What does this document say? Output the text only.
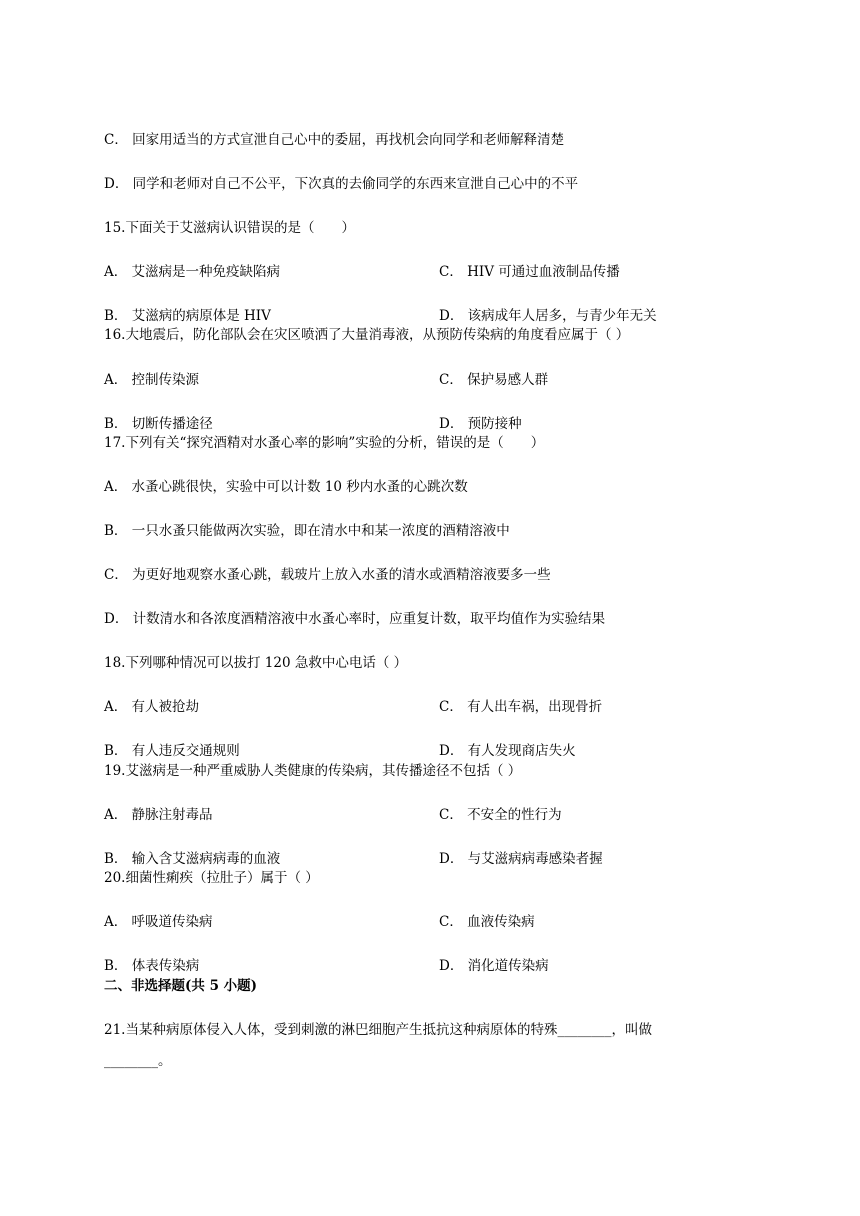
C． 回家用适当的方式宣泄自己心中的委屈，再找机会向同学和老师解释清楚
D． 同学和老师对自己不公平，下次真的去偷同学的东西来宣泄自己心中的不平
15.下面关于艾滋病认识错误的是（　　）
A． 艾滋病是一种免疫缺陷病	C． HIV 可通过血液制品传播
B． 艾滋病的病原体是 HIV	D． 该病成年人居多，与青少年无关
16.大地震后，防化部队会在灾区喷洒了大量消毒液，从预防传染病的角度看应属于（ ）
A． 控制传染源	C． 保护易感人群
B． 切断传播途径	D． 预防接种
17.下列有关“探究酒精对水蚤心率的影响”实验的分析，错误的是（　　）
A． 水蚤心跳很快，实验中可以计数 10 秒内水蚤的心跳次数
B． 一只水蚤只能做两次实验，即在清水中和某一浓度的酒精溶液中
C． 为更好地观察水蚤心跳，载玻片上放入水蚤的清水或酒精溶液要多一些
D． 计数清水和各浓度酒精溶液中水蚤心率时，应重复计数，取平均值作为实验结果
18.下列哪种情况可以拔打 120 急救中心电话（ ）
A． 有人被抢劫	C． 有人出车祸，出现骨折
B． 有人违反交通规则	D． 有人发现商店失火
19.艾滋病是一种严重威胁人类健康的传染病，其传播途径不包括（ ）
A． 静脉注射毒品	C． 不安全的性行为
B． 输入含艾滋病病毒的血液	D． 与艾滋病病毒感染者握
20.细菌性痢疾（拉肚子）属于（ ）
A． 呼吸道传染病	C． 血液传染病
B． 体表传染病	D． 消化道传染病
二、非选择题(共 5 小题)
21.当某种病原体侵入人体，受到刺激的淋巴细胞产生抵抗这种病原体的特殊________，叫做
________。
